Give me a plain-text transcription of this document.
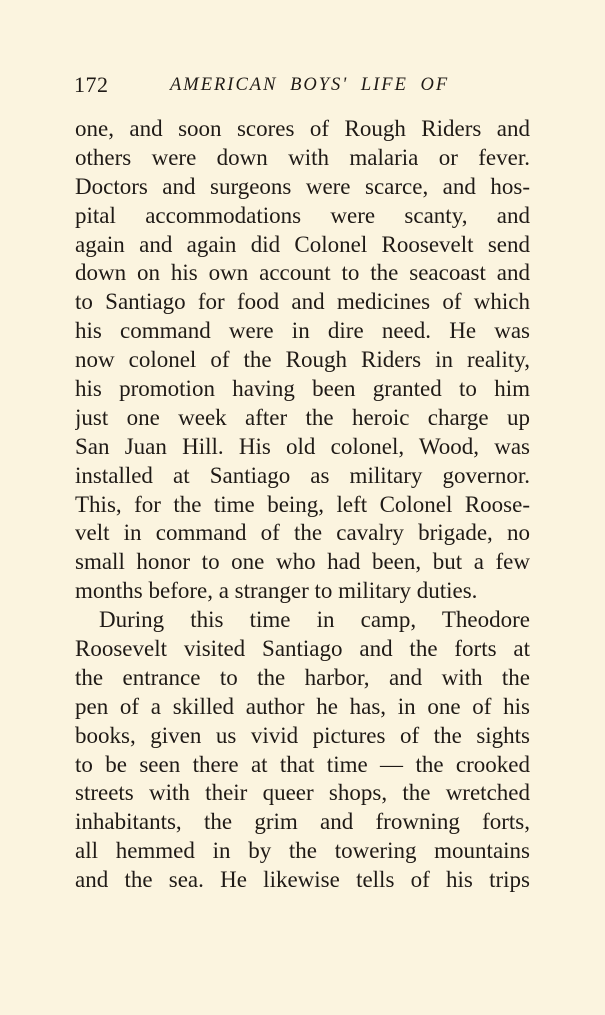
172	AMERICAN BOYS' LIFE OF
one, and soon scores of Rough Riders and
others were down with malaria or fever.
Doctors and surgeons were scarce, and hos-
pital accommodations were scanty, and
again and again did Colonel Roosevelt send
down on his own account to the seacoast and
to Santiago for food and medicines of which
his command were in dire need. He was
now colonel of the Rough Riders in reality,
his promotion having been granted to him
just one week after the heroic charge up
San Juan Hill. His old colonel, Wood, was
installed at Santiago as military governor.
This, for the time being, left Colonel Roose-
velt in command of the cavalry brigade, no
small honor to one who had been, but a few
months before, a stranger to military duties.
During this time in camp, Theodore
Roosevelt visited Santiago and the forts at
the entrance to the harbor, and with the
pen of a skilled author he has, in one of his
books, given us vivid pictures of the sights
to be seen there at that time — the crooked
streets with their queer shops, the wretched
inhabitants, the grim and frowning forts,
all hemmed in by the towering mountains
and the sea. He likewise tells of his trips
